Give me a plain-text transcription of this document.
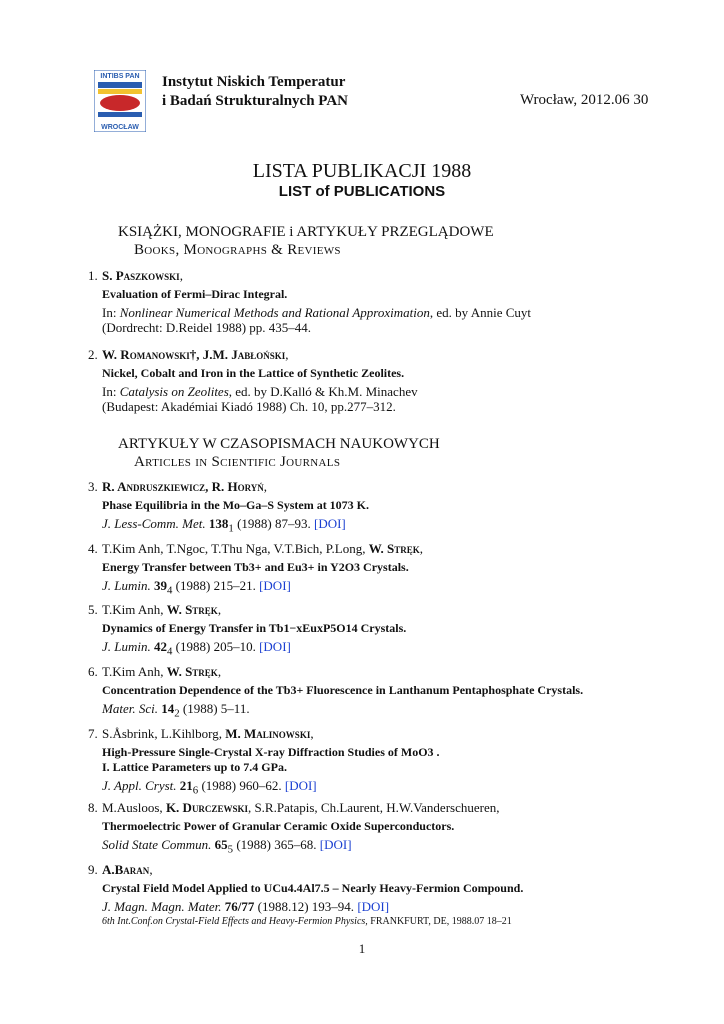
INTIBS PAN
WROCŁAW
Instytut Niskich Temperatur
i Badań Strukturalnych PAN	Wrocław, 2012.06 30
LISTA PUBLIKACJI 1988
LIST of PUBLICATIONS
KSIĄŻKI, MONOGRAFIE i ARTYKUŁY PRZEGLĄDOWE
Books, Monographs & Reviews
1. S. Paszkowski,
Evaluation of Fermi–Dirac Integral.
In: Nonlinear Numerical Methods and Rational Approximation, ed. by Annie Cuyt
(Dordrecht: D.Reidel 1988) pp. 435–44.
2. W. Romanowski†, J.M. Jabłoński,
Nickel, Cobalt and Iron in the Lattice of Synthetic Zeolites.
In: Catalysis on Zeolites, ed. by D.Kalló & Kh.M. Minachev
(Budapest: Akadémiai Kiadó 1988) Ch. 10, pp.277–312.
ARTYKUŁY W CZASOPISMACH NAUKOWYCH
Articles in Scientific Journals
3. R. Andruszkiewicz, R. Horyń,
Phase Equilibria in the Mo–Ga–S System at 1073 K.
J. Less-Comm. Met. $138_1$ (1988) 87–93. [DOI]
4. T.Kim Anh, T.Ngoc, T.Thu Nga, V.T.Bich, P.Long, W. Stręk,
Energy Transfer between Tb3+ and Eu3+ in Y2O3 Crystals.
J. Lumin. $39_4$ (1988) 215–21. [DOI]
5. T.Kim Anh, W. Stręk,
Dynamics of Energy Transfer in Tb1−xEuxP5O14 Crystals.
J. Lumin. $42_4$ (1988) 205–10. [DOI]
6. T.Kim Anh, W. Stręk,
Concentration Dependence of the Tb3+ Fluorescence in Lanthanum Pentaphosphate Crystals.
Mater. Sci. $14_2$ (1988) 5–11.
7. S.Åsbrink, L.Kihlborg, M. Malinowski,
High-Pressure Single-Crystal X-ray Diffraction Studies of MoO3 .
I. Lattice Parameters up to 7.4 GPa.
J. Appl. Cryst. $21_6$ (1988) 960–62. [DOI]
8. M.Ausloos, K. Durczewski, S.R.Patapis, Ch.Laurent, H.W.Vanderschueren,
Thermoelectric Power of Granular Ceramic Oxide Superconductors.
Solid State Commun. $65_5$ (1988) 365–68. [DOI]
9. A.Baran,
Crystal Field Model Applied to UCu4.4Al7.5 – Nearly Heavy-Fermion Compound.
J. Magn. Magn. Mater. 76/77 (1988.12) 193–94. [DOI]
6th Int.Conf.on Crystal-Field Effects and Heavy-Fermion Physics, FRANKFURT, DE, 1988.07 18–21
1
